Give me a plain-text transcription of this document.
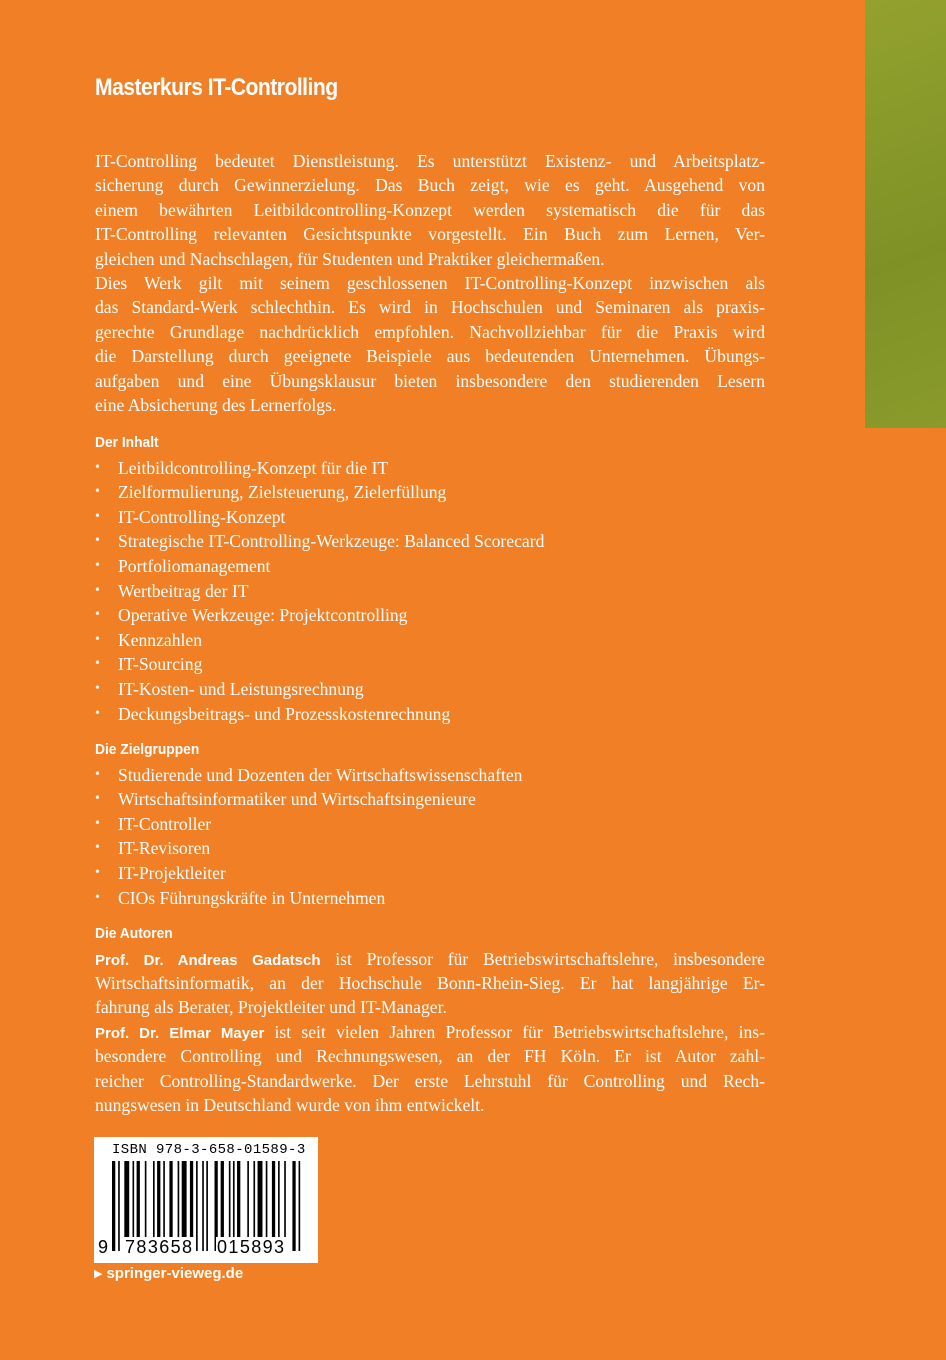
Masterkurs IT-Controlling
IT-Controlling bedeutet Dienstleistung. Es unterstützt Existenz- und Arbeitsplatz-
sicherung durch Gewinnerzielung. Das Buch zeigt, wie es geht. Ausgehend von
einem bewährten Leitbildcontrolling-Konzept werden systematisch die für das
IT-Controlling relevanten Gesichtspunkte vorgestellt. Ein Buch zum Lernen, Ver-
gleichen und Nachschlagen, für Studenten und Praktiker gleichermaßen.
Dies Werk gilt mit seinem geschlossenen IT-Controlling-Konzept inzwischen als
das Standard-Werk schlechthin. Es wird in Hochschulen und Seminaren als praxis-
gerechte Grundlage nachdrücklich empfohlen. Nachvollziehbar für die Praxis wird
die Darstellung durch geeignete Beispiele aus bedeutenden Unternehmen. Übungs-
aufgaben und eine Übungsklausur bieten insbesondere den studierenden Lesern
eine Absicherung des Lernerfolgs.
Der Inhalt
• Leitbildcontrolling-Konzept für die IT
• Zielformulierung, Zielsteuerung, Zielerfüllung
• IT-Controlling-Konzept
• Strategische IT-Controlling-Werkzeuge: Balanced Scorecard
• Portfoliomanagement
• Wertbeitrag der IT
• Operative Werkzeuge: Projektcontrolling
• Kennzahlen
• IT-Sourcing
• IT-Kosten- und Leistungsrechnung
• Deckungsbeitrags- und Prozesskostenrechnung
Die Zielgruppen
• Studierende und Dozenten der Wirtschaftswissenschaften
• Wirtschaftsinformatiker und Wirtschaftsingenieure
• IT-Controller
• IT-Revisoren
• IT-Projektleiter
• CIOs Führungskräfte in Unternehmen
Die Autoren
Prof. Dr. Andreas Gadatsch ist Professor für Betriebswirtschaftslehre, insbesondere
Wirtschaftsinformatik, an der Hochschule Bonn-Rhein-Sieg. Er hat langjährige Er-
fahrung als Berater, Projektleiter und IT-Manager.
Prof. Dr. Elmar Mayer ist seit vielen Jahren Professor für Betriebswirtschaftslehre, ins-
besondere Controlling und Rechnungswesen, an der FH Köln. Er ist Autor zahl-
reicher Controlling-Standardwerke. Der erste Lehrstuhl für Controlling und Rech-
nungswesen in Deutschland wurde von ihm entwickelt.
ISBN 978-3-658-01589-3
9 783658 015893
▶ springer-vieweg.de
